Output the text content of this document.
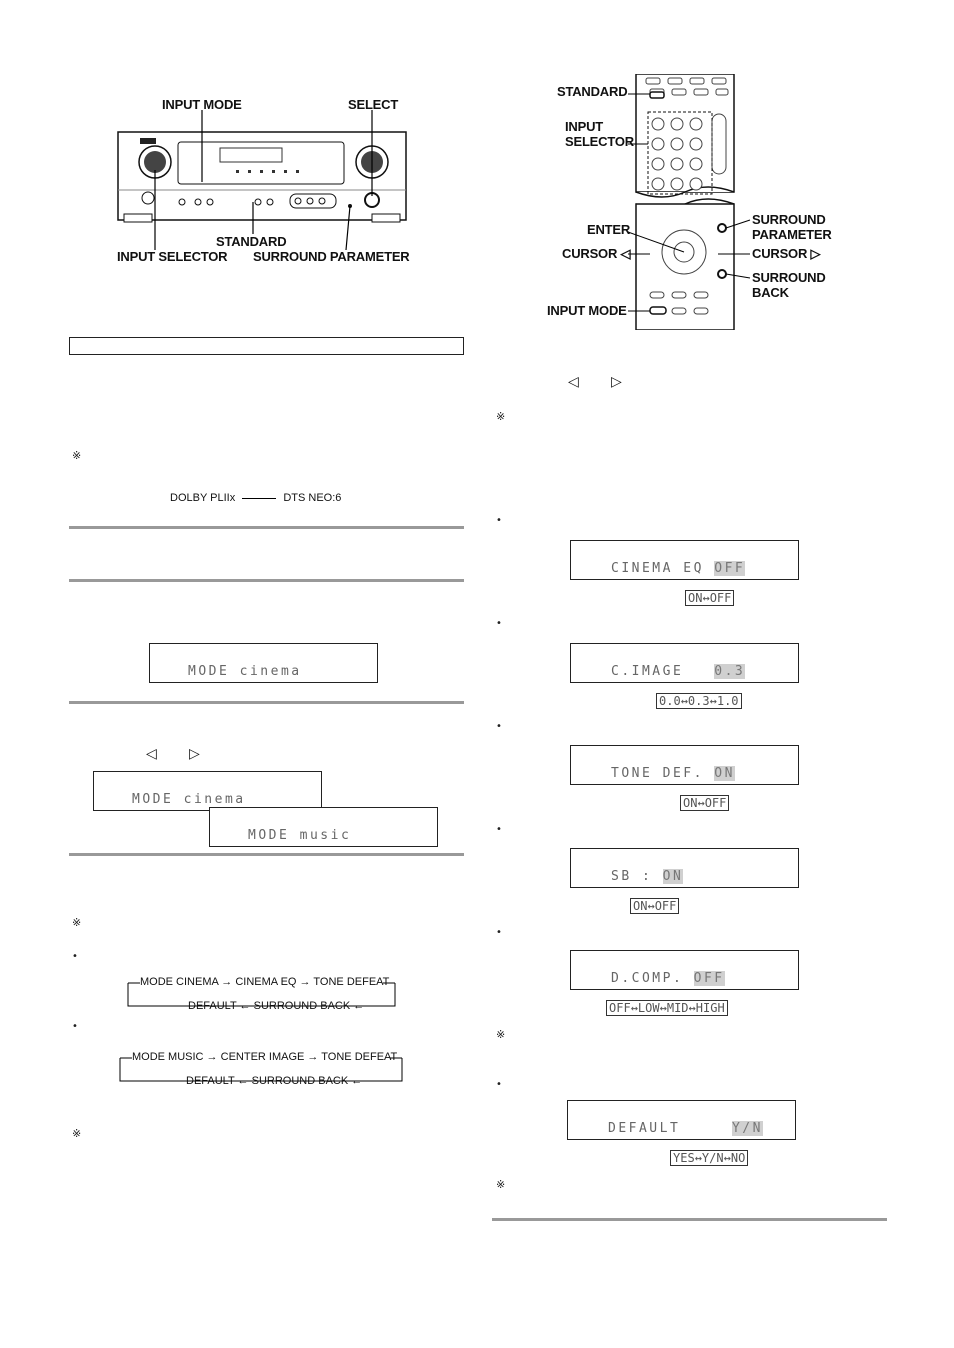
INPUT MODE	SELECT
STANDARD
INPUT SELECTOR SURROUND PARAMETER
※
DOLBY PLIIx	DTS NEO:6
MODE cinema
◁ ▷
MODE cinema
MODE music
※
•
MODE CINEMA → CINEMA EQ → TONE DEFEAT
DEFAULT ← SURROUND BACK ←
•
MODE MUSIC → CENTER IMAGE → TONE DEFEAT
DEFAULT ← SURROUND BACK ←
※
STANDARD
INPUT
SELECTOR
ENTER
CURSOR ◁
INPUT MODE
SURROUND
PARAMETER
CURSOR ▷
SURROUND
BACK
◁ ▷
※
•
CINEMA EQ OFF
ON↔OFF
•
C.IMAGE 0.3
0.0↔0.3↔1.0
•
TONE DEF. ON
ON↔OFF
•
SB : ON
ON↔OFF
•
D.COMP. OFF
OFF↔LOW↔MID↔HIGH
※
•
DEFAULT	Y/N
YES↔Y/N↔NO
※
